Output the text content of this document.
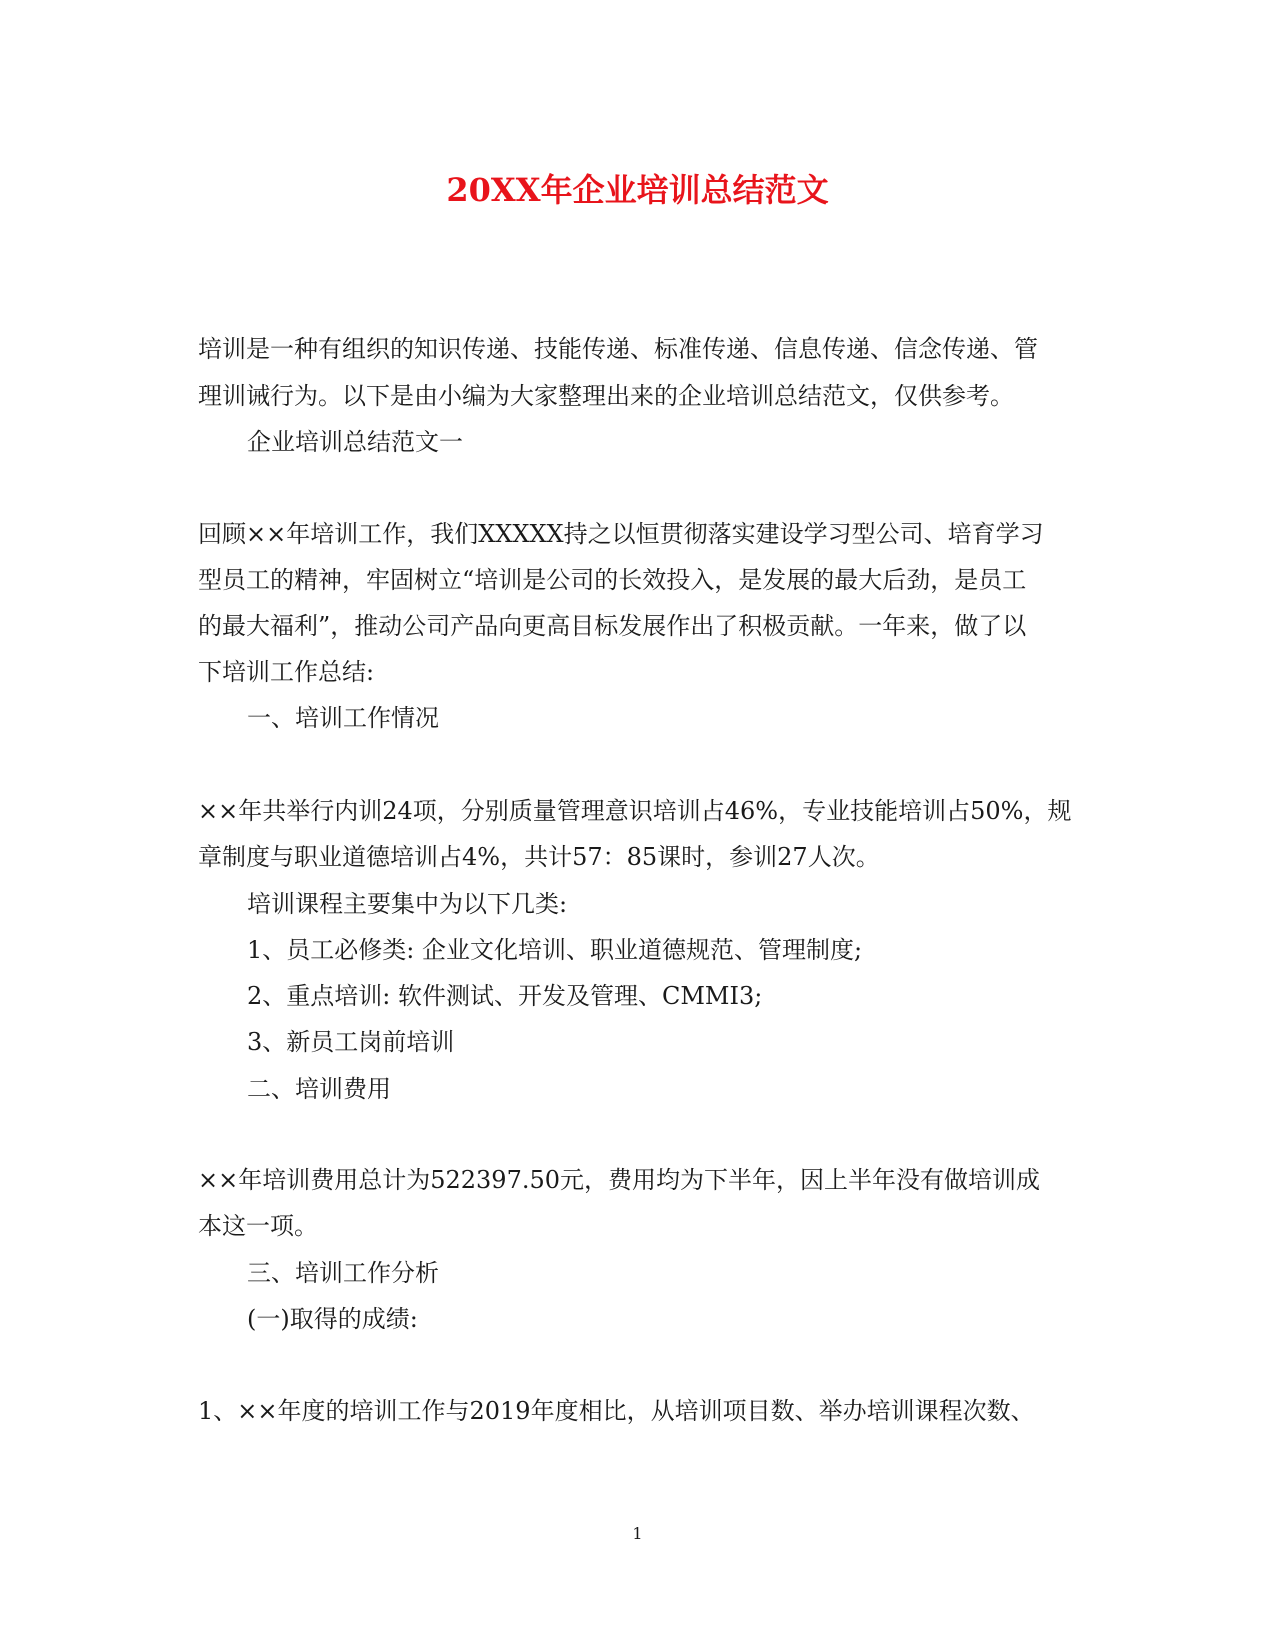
20XX年企业培训总结范文
培训是一种有组织的知识传递、技能传递、标准传递、信息传递、信念传递、管
理训诫行为。以下是由小编为大家整理出来的企业培训总结范文，仅供参考。
企业培训总结范文一
回顾××年培训工作，我们XXXXX持之以恒贯彻落实建设学习型公司、培育学习
型员工的精神，牢固树立“培训是公司的长效投入，是发展的最大后劲，是员工
的最大福利”，推动公司产品向更高目标发展作出了积极贡献。一年来，做了以
下培训工作总结:
一、培训工作情况
××年共举行内训24项，分别质量管理意识培训占46%，专业技能培训占50%，规
章制度与职业道德培训占4%，共计57：85课时，参训27人次。
培训课程主要集中为以下几类:
1、员工必修类: 企业文化培训、职业道德规范、管理制度;
2、重点培训: 软件测试、开发及管理、CMMI3;
3、新员工岗前培训
二、培训费用
××年培训费用总计为522397.50元，费用均为下半年，因上半年没有做培训成
本这一项。
三、培训工作分析
(一)取得的成绩:
1、××年度的培训工作与2019年度相比，从培训项目数、举办培训课程次数、
1
